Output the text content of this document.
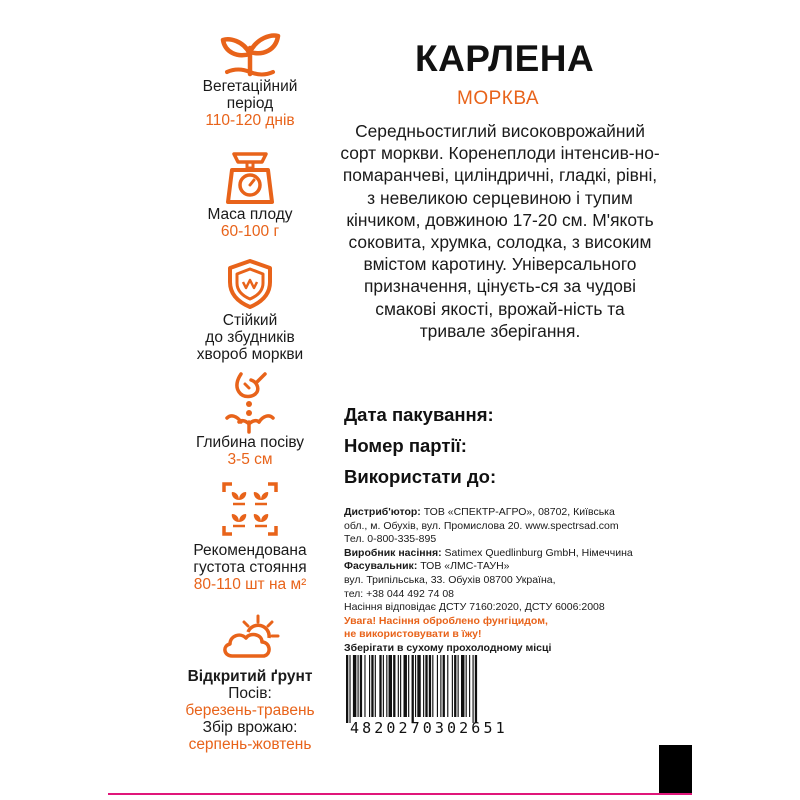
Вегетаційний
період
110-120 днів
Маса плоду
60-100 г
Стійкий
до збудників
хвороб моркви
Глибина посіву
3-5 см
Рекомендована
густота стояння
80-110 шт на м²
Відкритий ґрунт
Посів:
березень-травень
Збір врожаю:
серпень-жовтень
КАРЛЕНА
МОРКВА
Середньостиглий високоврожайний сорт моркви. Коренеплоди інтенсив-но-помаранчеві, циліндричні, гладкі, рівні, з невеликою серцевиною і тупим кінчиком, довжиною 17-20 см. М'якоть соковита, хрумка, солодка, з високим вмістом каротину. Універсального призначення, цінуєть-ся за чудові смакові якості, врожай-ність та тривале зберігання.
Дата пакування:
Номер партії:
Використати до:
Дистриб'ютор: ТОВ «СПЕКТР-АГРО», 08702, Київська
обл., м. Обухів, вул. Промислова 20. www.spectrsad.com
Тел. 0-800-335-895
Виробник насіння: Satimex Quedlinburg GmbH, Німеччина
Фасувальник: ТОВ «ЛМС-ТАУН»
вул. Трипільська, 33. Обухів 08700 Україна,
тел: +38 044 492 74 08
Насіння відповідає ДСТУ 7160:2020, ДСТУ 6006:2008
Увага! Насіння оброблено фунгіцидом,
не використовувати в їжу!
Зберігати в сухому прохолодному місці
4820270302651
